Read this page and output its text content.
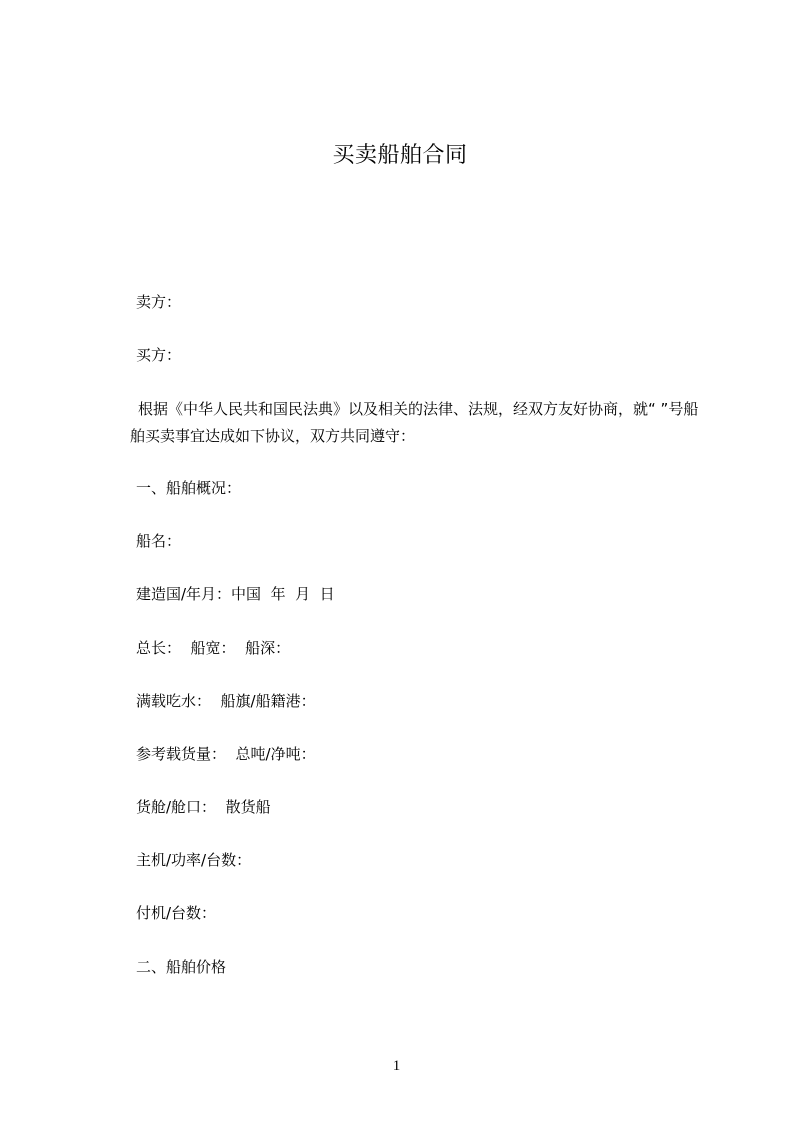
买卖船舶合同
卖方：
买方：
根据《中华人民共和国民法典》以及相关的法律、法规，经双方友好协商，就“ ”号船舶买卖事宜达成如下协议，双方共同遵守：
一、船舶概况：
船名：
建造国/年月：中国  年  月  日
总长：  船宽：  船深：
满载吃水：  船旗/船籍港：
参考载货量：  总吨/净吨：
货舱/舱口：  散货船
主机/功率/台数：
付机/台数：
二、船舶价格
1
